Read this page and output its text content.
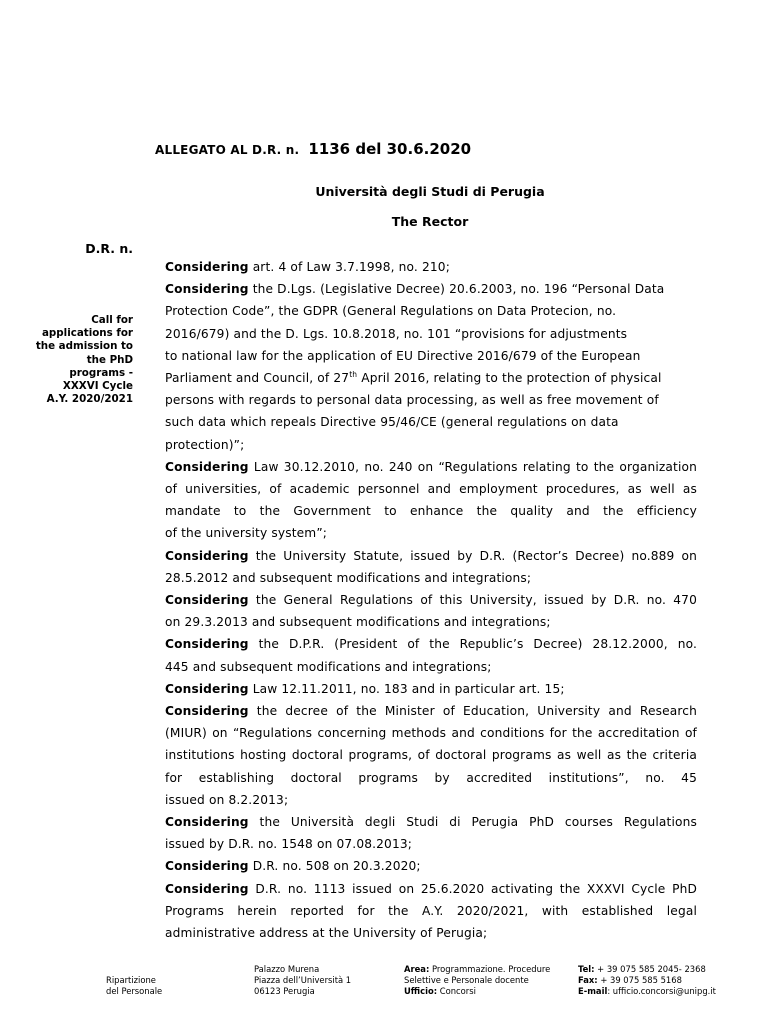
ALLEGATO AL D.R. n. 1136 del 30.6.2020
Università degli Studi di Perugia
The Rector
D.R. n.
Call for
applications for
the admission to
the PhD
programs -
XXXVI Cycle
A.Y. 2020/2021

Considering art. 4 of Law 3.7.1998, no. 210;

Considering the D.Lgs. (Legislative Decree) 20.6.2003, no. 196 “Personal Data
Protection Code”, the GDPR (General Regulations on Data Protecion, no.
2016/679) and the D. Lgs. 10.8.2018, no. 101 “provisions for adjustments
to national law for the application of EU Directive 2016/679 of the European
Parliament and Council, of 27th April 2016, relating to the protection of physical
persons with regards to personal data processing, as well as free movement of
such data which repeals Directive 95/46/CE (general regulations on data
protection)”;

Considering Law 30.12.2010, no. 240 on “Regulations relating to the organization of universities, of academic personnel and employment procedures, as well as mandate to the Government to enhance the quality and the efficiency
of the university system”;

Considering the University Statute, issued by D.R. (Rector’s Decree) no.889 on
28.5.2012 and subsequent modifications and integrations;

Considering the General Regulations of this University, issued by D.R. no. 470
on 29.3.2013 and subsequent modifications and integrations;

Considering the D.P.R. (President of the Republic’s Decree) 28.12.2000, no.
445 and subsequent modifications and integrations;

Considering Law 12.11.2011, no. 183 and in particular art. 15;

Considering the decree of the Minister of Education, University and Research (MIUR) on “Regulations concerning methods and conditions for the accreditation of institutions hosting doctoral programs, of doctoral programs as well as the criteria for establishing doctoral programs by accredited institutions”, no. 45
issued on 8.2.2013;

Considering the Università degli Studi di Perugia PhD courses Regulations
issued by D.R. no. 1548 on 07.08.2013;

Considering D.R. no. 508 on 20.3.2020;

Considering D.R. no. 1113 issued on 25.6.2020 activating the XXXVI Cycle PhD Programs herein reported for the A.Y. 2020/2021, with established legal
administrative address at the University of Perugia;

Ripartizione
del Personale
Palazzo Murena
Piazza dell’Università 1
06123 Perugia
Area: Programmazione. Procedure
Selettive e Personale docente
Ufficio: Concorsi
Tel: + 39 075 585 2045- 2368
Fax: + 39 075 585 5168
E-mail: ufficio.concorsi@unipg.it
